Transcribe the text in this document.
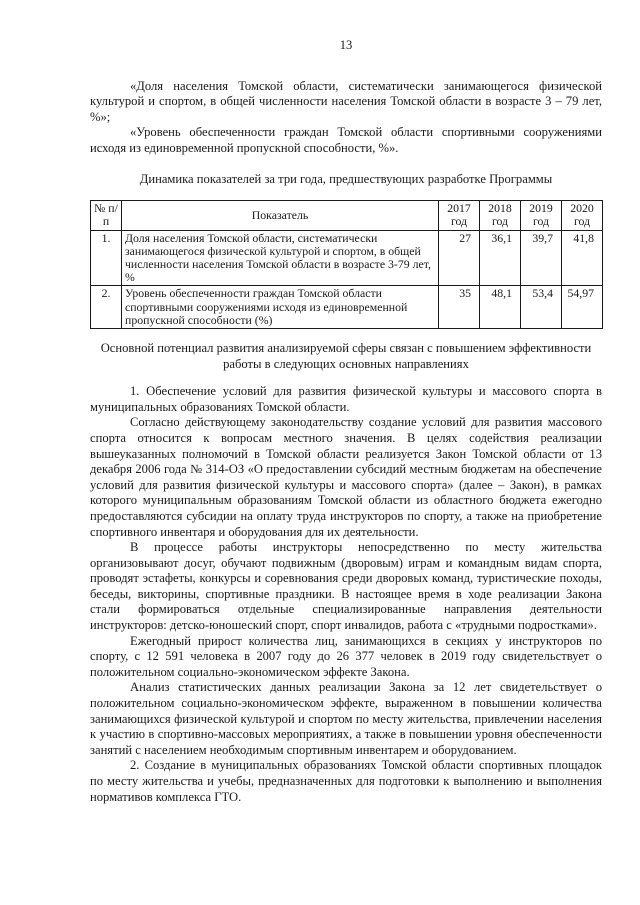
13

«Доля населения Томской области, систематически занимающегося физической культурой и спортом, в общей численности населения Томской области в возрасте 3 – 79 лет, %»;

«Уровень обеспеченности граждан Томской области спортивными сооружениями исходя из единовременной пропускной способности, %».

Динамика показателей за три года, предшествующих разработке Программы

№ п/п	Показатель	2017 год	2018 год	2019 год	2020 год
1.	Доля населения Томской области, систематически занимающегося физической культурой и спортом, в общей численности населения Томской области в возрасте 3-79 лет, %	27	36,1	39,7	41,8
2.	Уровень обеспеченности граждан Томской области спортивными сооружениями исходя из единовременной пропускной способности (%)	35	48,1	53,4	54,97

Основной потенциал развития анализируемой сферы связан с повышением эффективности работы в следующих основных направлениях

1. Обеспечение условий для развития физической культуры и массового спорта в муниципальных образованиях Томской области.

Согласно действующему законодательству создание условий для развития массового спорта относится к вопросам местного значения. В целях содействия реализации вышеуказанных полномочий в Томской области реализуется Закон Томской области от 13 декабря 2006 года № 314-ОЗ «О предоставлении субсидий местным бюджетам на обеспечение условий для развития физической культуры и массового спорта» (далее – Закон), в рамках которого муниципальным образованиям Томской области из областного бюджета ежегодно предоставляются субсидии на оплату труда инструкторов по спорту, а также на приобретение спортивного инвентаря и оборудования для их деятельности.

В процессе работы инструкторы непосредственно по месту жительства организовывают досуг, обучают подвижным (дворовым) играм и командным видам спорта, проводят эстафеты, конкурсы и соревнования среди дворовых команд, туристические походы, беседы, викторины, спортивные праздники. В настоящее время в ходе реализации Закона стали формироваться отдельные специализированные направления деятельности инструкторов: детско-юношеский спорт, спорт инвалидов, работа с «трудными подростками».

Ежегодный прирост количества лиц, занимающихся в секциях у инструкторов по спорту, с 12 591 человека в 2007 году до 26 377 человек в 2019 году свидетельствует о положительном социально-экономическом эффекте Закона.

Анализ статистических данных реализации Закона за 12 лет свидетельствует о положительном социально-экономическом эффекте, выраженном в повышении количества занимающихся физической культурой и спортом по месту жительства, привлечении населения к участию в спортивно-массовых мероприятиях, а также в повышении уровня обеспеченности занятий с населением необходимым спортивным инвентарем и оборудованием.

2. Создание в муниципальных образованиях Томской области спортивных площадок по месту жительства и учебы, предназначенных для подготовки к выполнению и выполнения нормативов комплекса ГТО.
